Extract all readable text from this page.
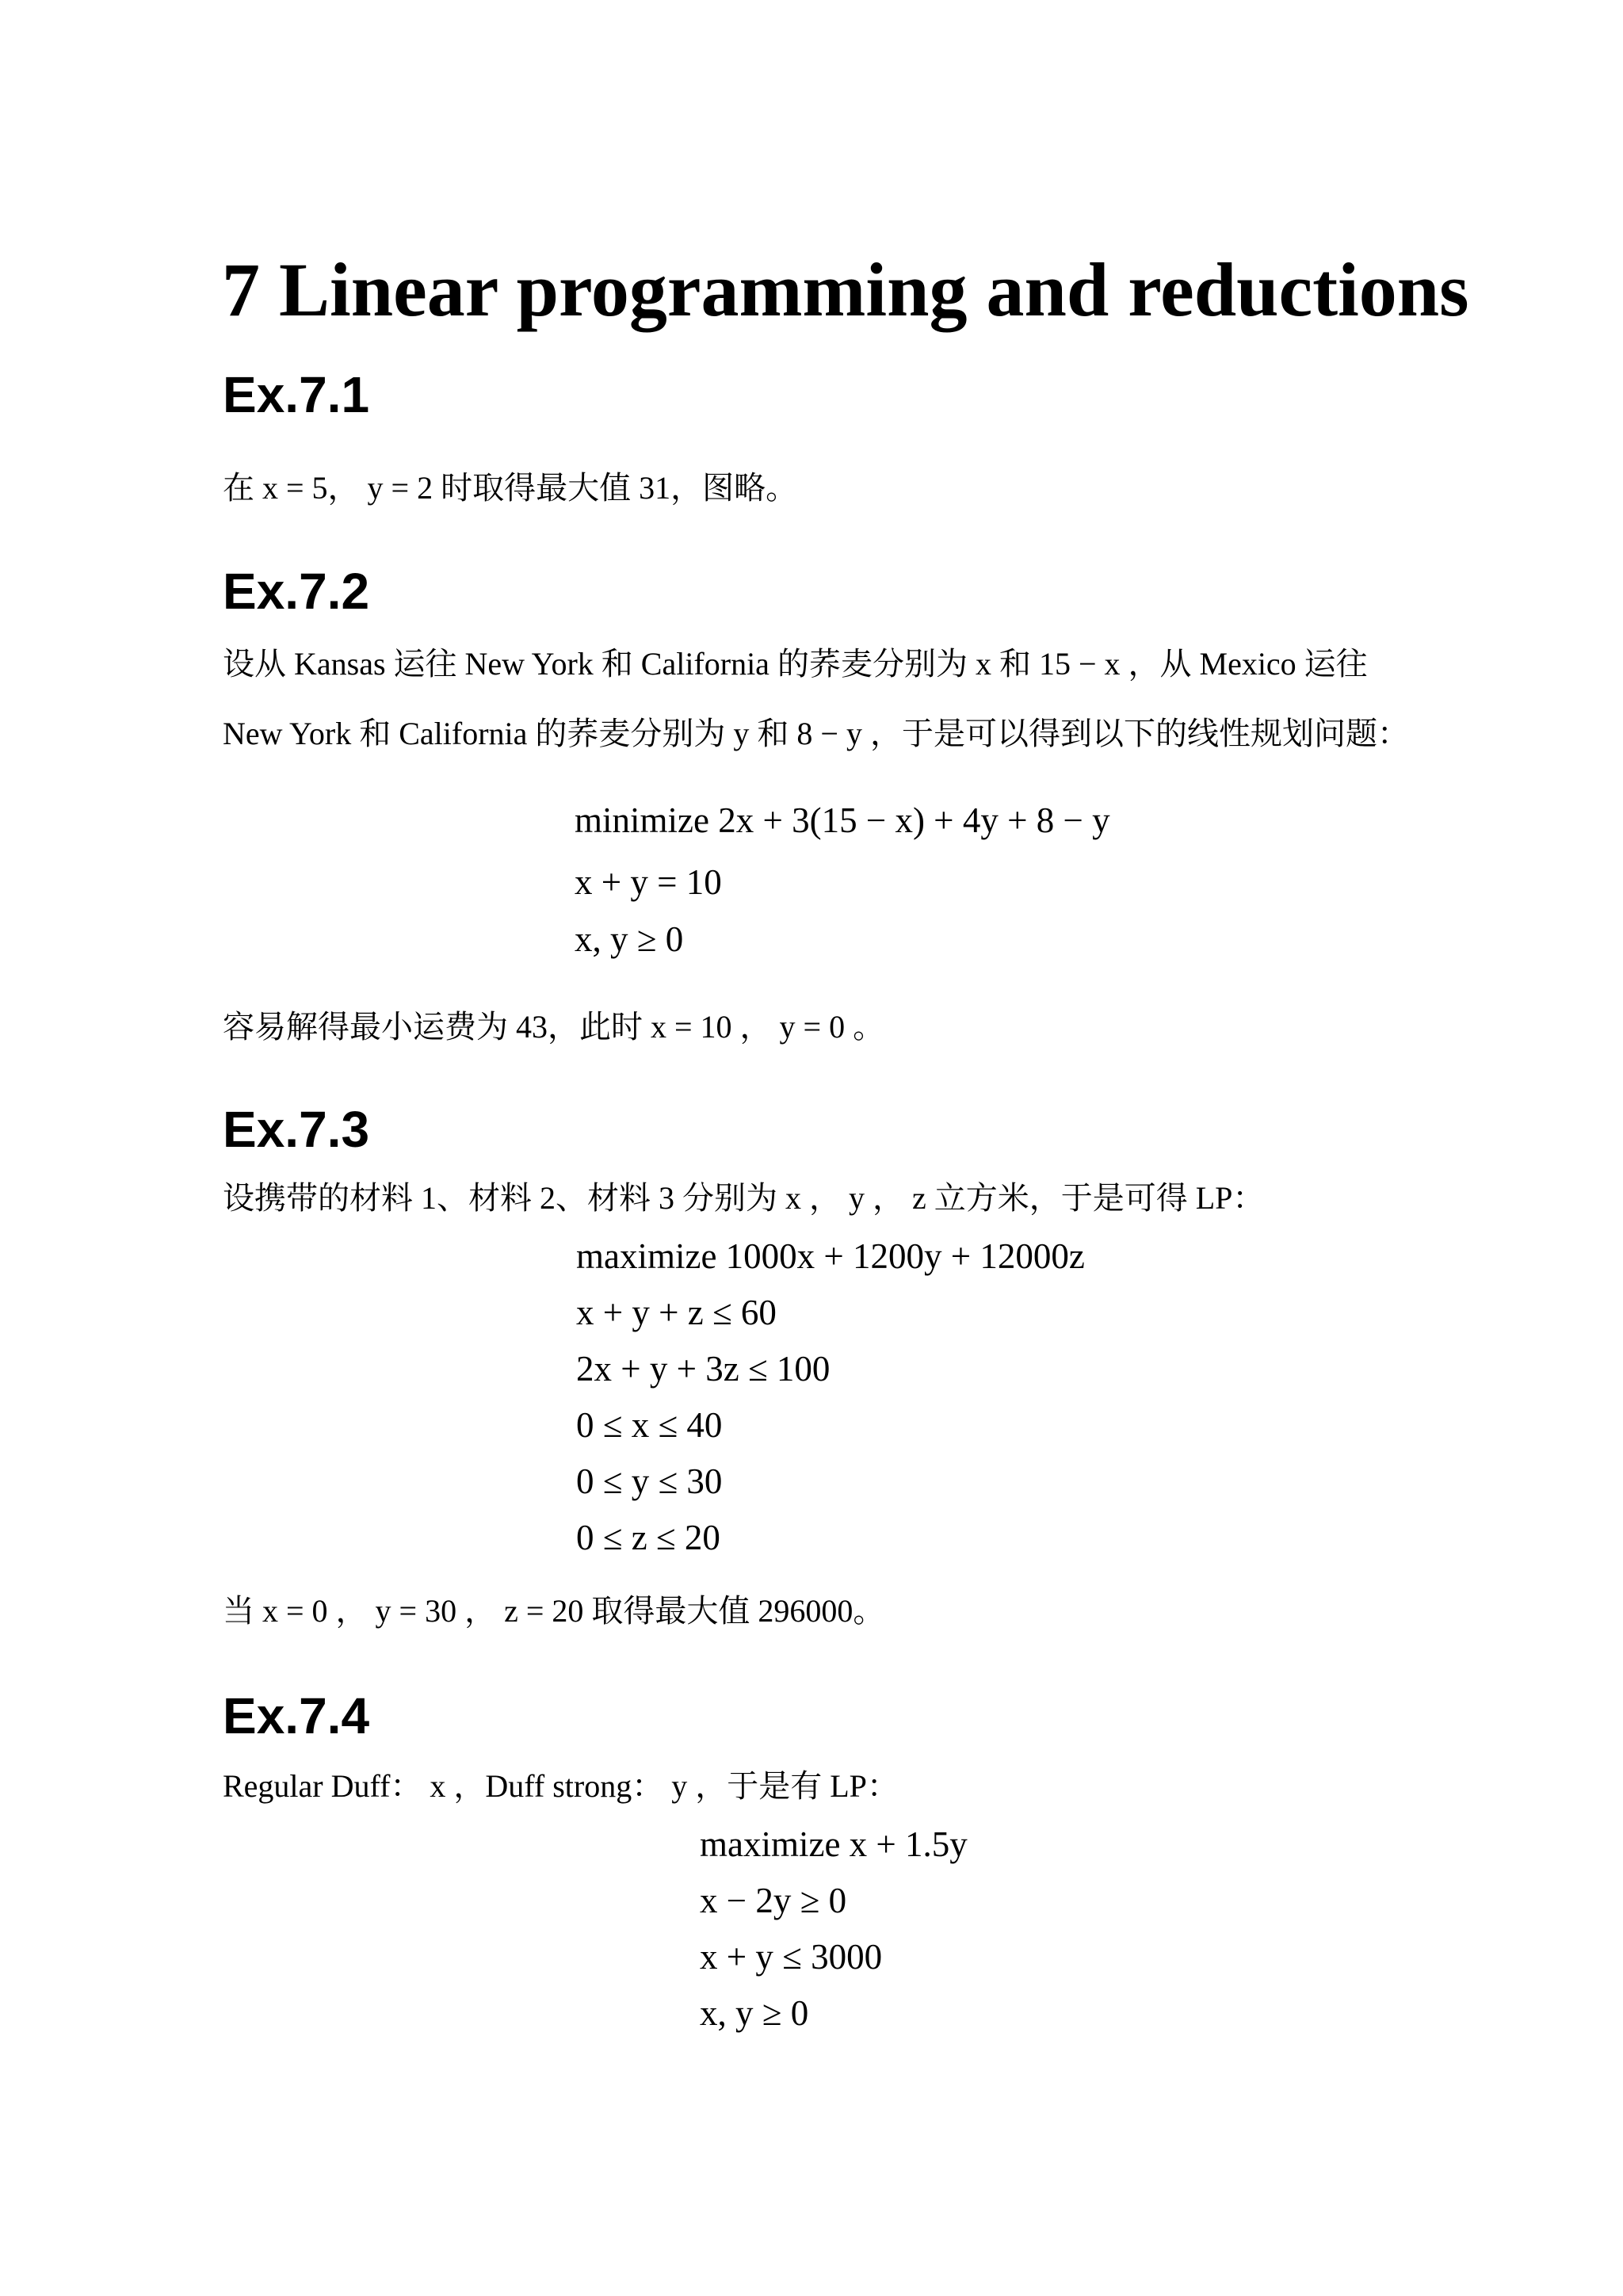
7 Linear programming and reductions
Ex.7.1
在 x = 5， y = 2 时取得最大值 31，图略。
Ex.7.2
设从 Kansas 运往 New York 和 California 的荞麦分别为 x 和 15 − x ，从 Mexico 运往
New York 和 California 的荞麦分别为 y 和 8 − y ，于是可以得到以下的线性规划问题：
minimize 2x + 3(15 − x) + 4y + 8 − y
x + y = 10
x, y ≥ 0
容易解得最小运费为 43，此时 x = 10 ， y = 0 。
Ex.7.3
设携带的材料 1、材料 2、材料 3 分别为 x ， y ， z 立方米，于是可得 LP：
maximize 1000x + 1200y + 12000z
x + y + z ≤ 60
2x + y + 3z ≤ 100
0 ≤ x ≤ 40
0 ≤ y ≤ 30
0 ≤ z ≤ 20
当 x = 0 ， y = 30 ， z = 20 取得最大值 296000。
Ex.7.4
Regular Duff： x ，Duff strong： y ，于是有 LP：
maximize x + 1.5y
x − 2y ≥ 0
x + y ≤ 3000
x, y ≥ 0
